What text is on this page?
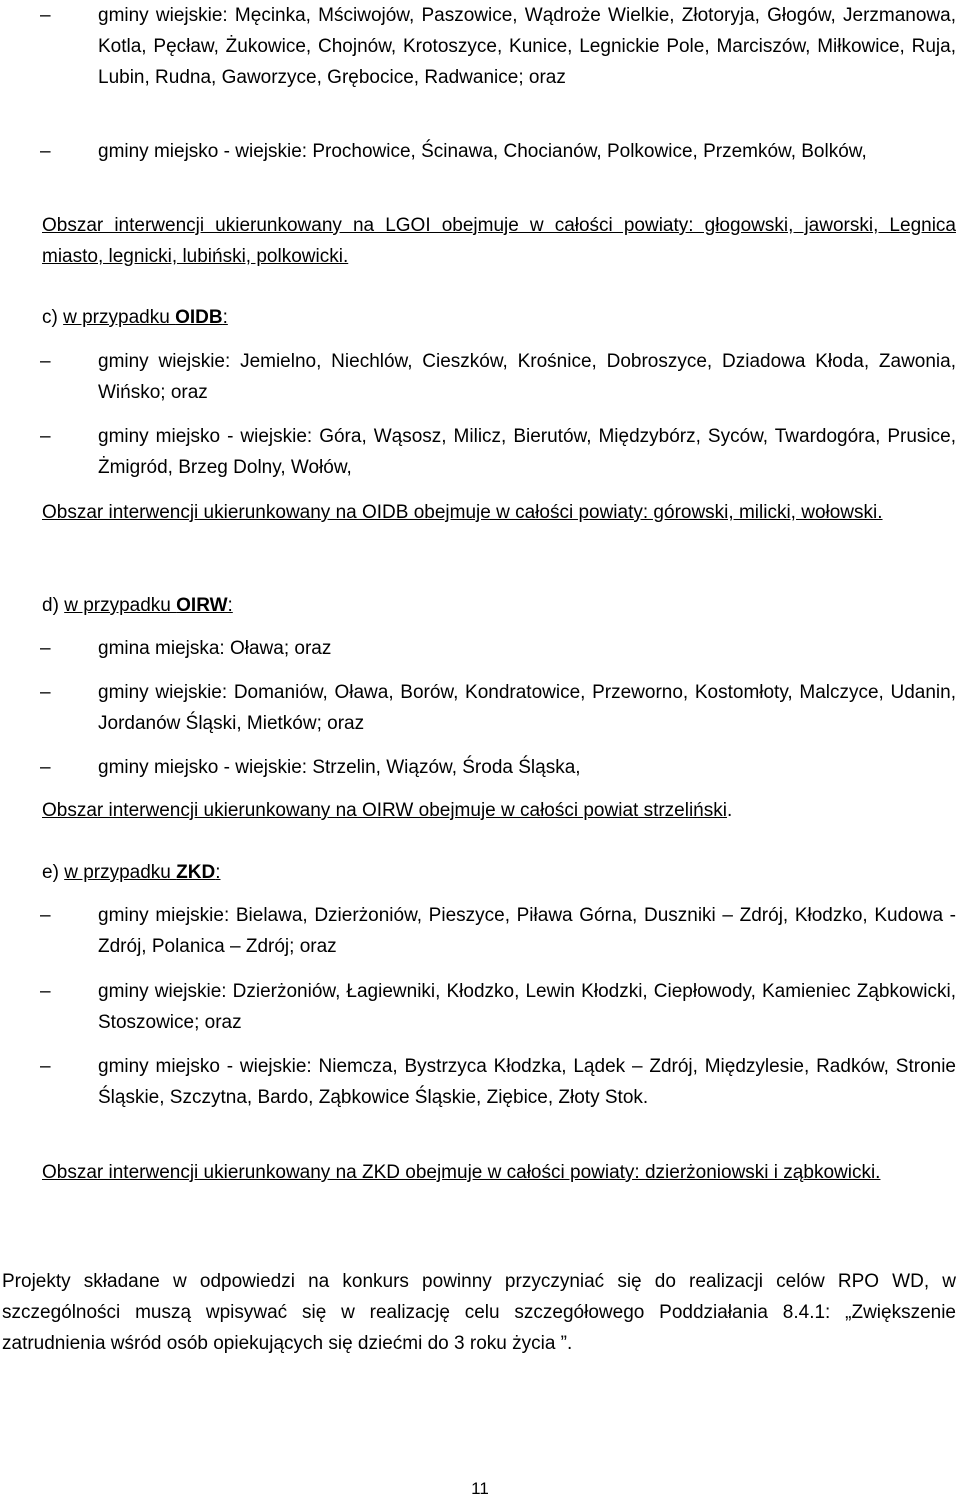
–	gminy wiejskie: Męcinka, Mściwojów, Paszowice, Wądroże Wielkie, Złotoryja, Głogów, Jerzmanowa, Kotla, Pęcław, Żukowice, Chojnów, Krotoszyce, Kunice, Legnickie Pole, Marciszów, Miłkowice, Ruja, Lubin, Rudna, Gaworzyce, Grębocice, Radwanice; oraz

–	gminy miejsko - wiejskie: Prochowice, Ścinawa, Chocianów, Polkowice, Przemków, Bolków,

Obszar interwencji ukierunkowany na LGOI obejmuje w całości powiaty: głogowski, jaworski, Legnica miasto, legnicki, lubiński, polkowicki.

c) w przypadku OIDB:

–	gminy wiejskie: Jemielno, Niechlów, Cieszków, Krośnice, Dobroszyce, Dziadowa Kłoda, Zawonia, Wińsko; oraz

–	gminy miejsko - wiejskie: Góra, Wąsosz, Milicz, Bierutów, Międzybórz, Syców, Twardogóra, Prusice, Żmigród, Brzeg Dolny, Wołów,

Obszar interwencji ukierunkowany na OIDB obejmuje w całości powiaty: górowski, milicki, wołowski.

d) w przypadku OIRW:

–	gmina miejska: Oława; oraz

–	gminy wiejskie: Domaniów, Oława, Borów, Kondratowice, Przeworno, Kostomłoty, Malczyce, Udanin, Jordanów Śląski, Mietków; oraz

–	gminy miejsko - wiejskie: Strzelin, Wiązów, Środa Śląska,

Obszar interwencji ukierunkowany na OIRW obejmuje w całości powiat strzeliński.

e) w przypadku ZKD:

–	gminy miejskie: Bielawa, Dzierżoniów, Pieszyce, Piława Górna, Duszniki – Zdrój, Kłodzko, Kudowa - Zdrój, Polanica – Zdrój; oraz

–	gminy wiejskie: Dzierżoniów, Łagiewniki, Kłodzko, Lewin Kłodzki, Ciepłowody, Kamieniec Ząbkowicki, Stoszowice; oraz

–	gminy miejsko - wiejskie: Niemcza, Bystrzyca Kłodzka, Lądek – Zdrój, Międzylesie, Radków, Stronie Śląskie, Szczytna, Bardo, Ząbkowice Śląskie, Ziębice, Złoty Stok.

Obszar interwencji ukierunkowany na ZKD obejmuje w całości powiaty: dzierżoniowski i ząbkowicki.

Projekty składane w odpowiedzi na konkurs powinny przyczyniać się do realizacji celów RPO WD, w szczególności muszą wpisywać się w realizację celu szczegółowego Poddziałania 8.4.1: „Zwiększenie zatrudnienia wśród osób opiekujących się dziećmi do 3 roku życia ”.

11
